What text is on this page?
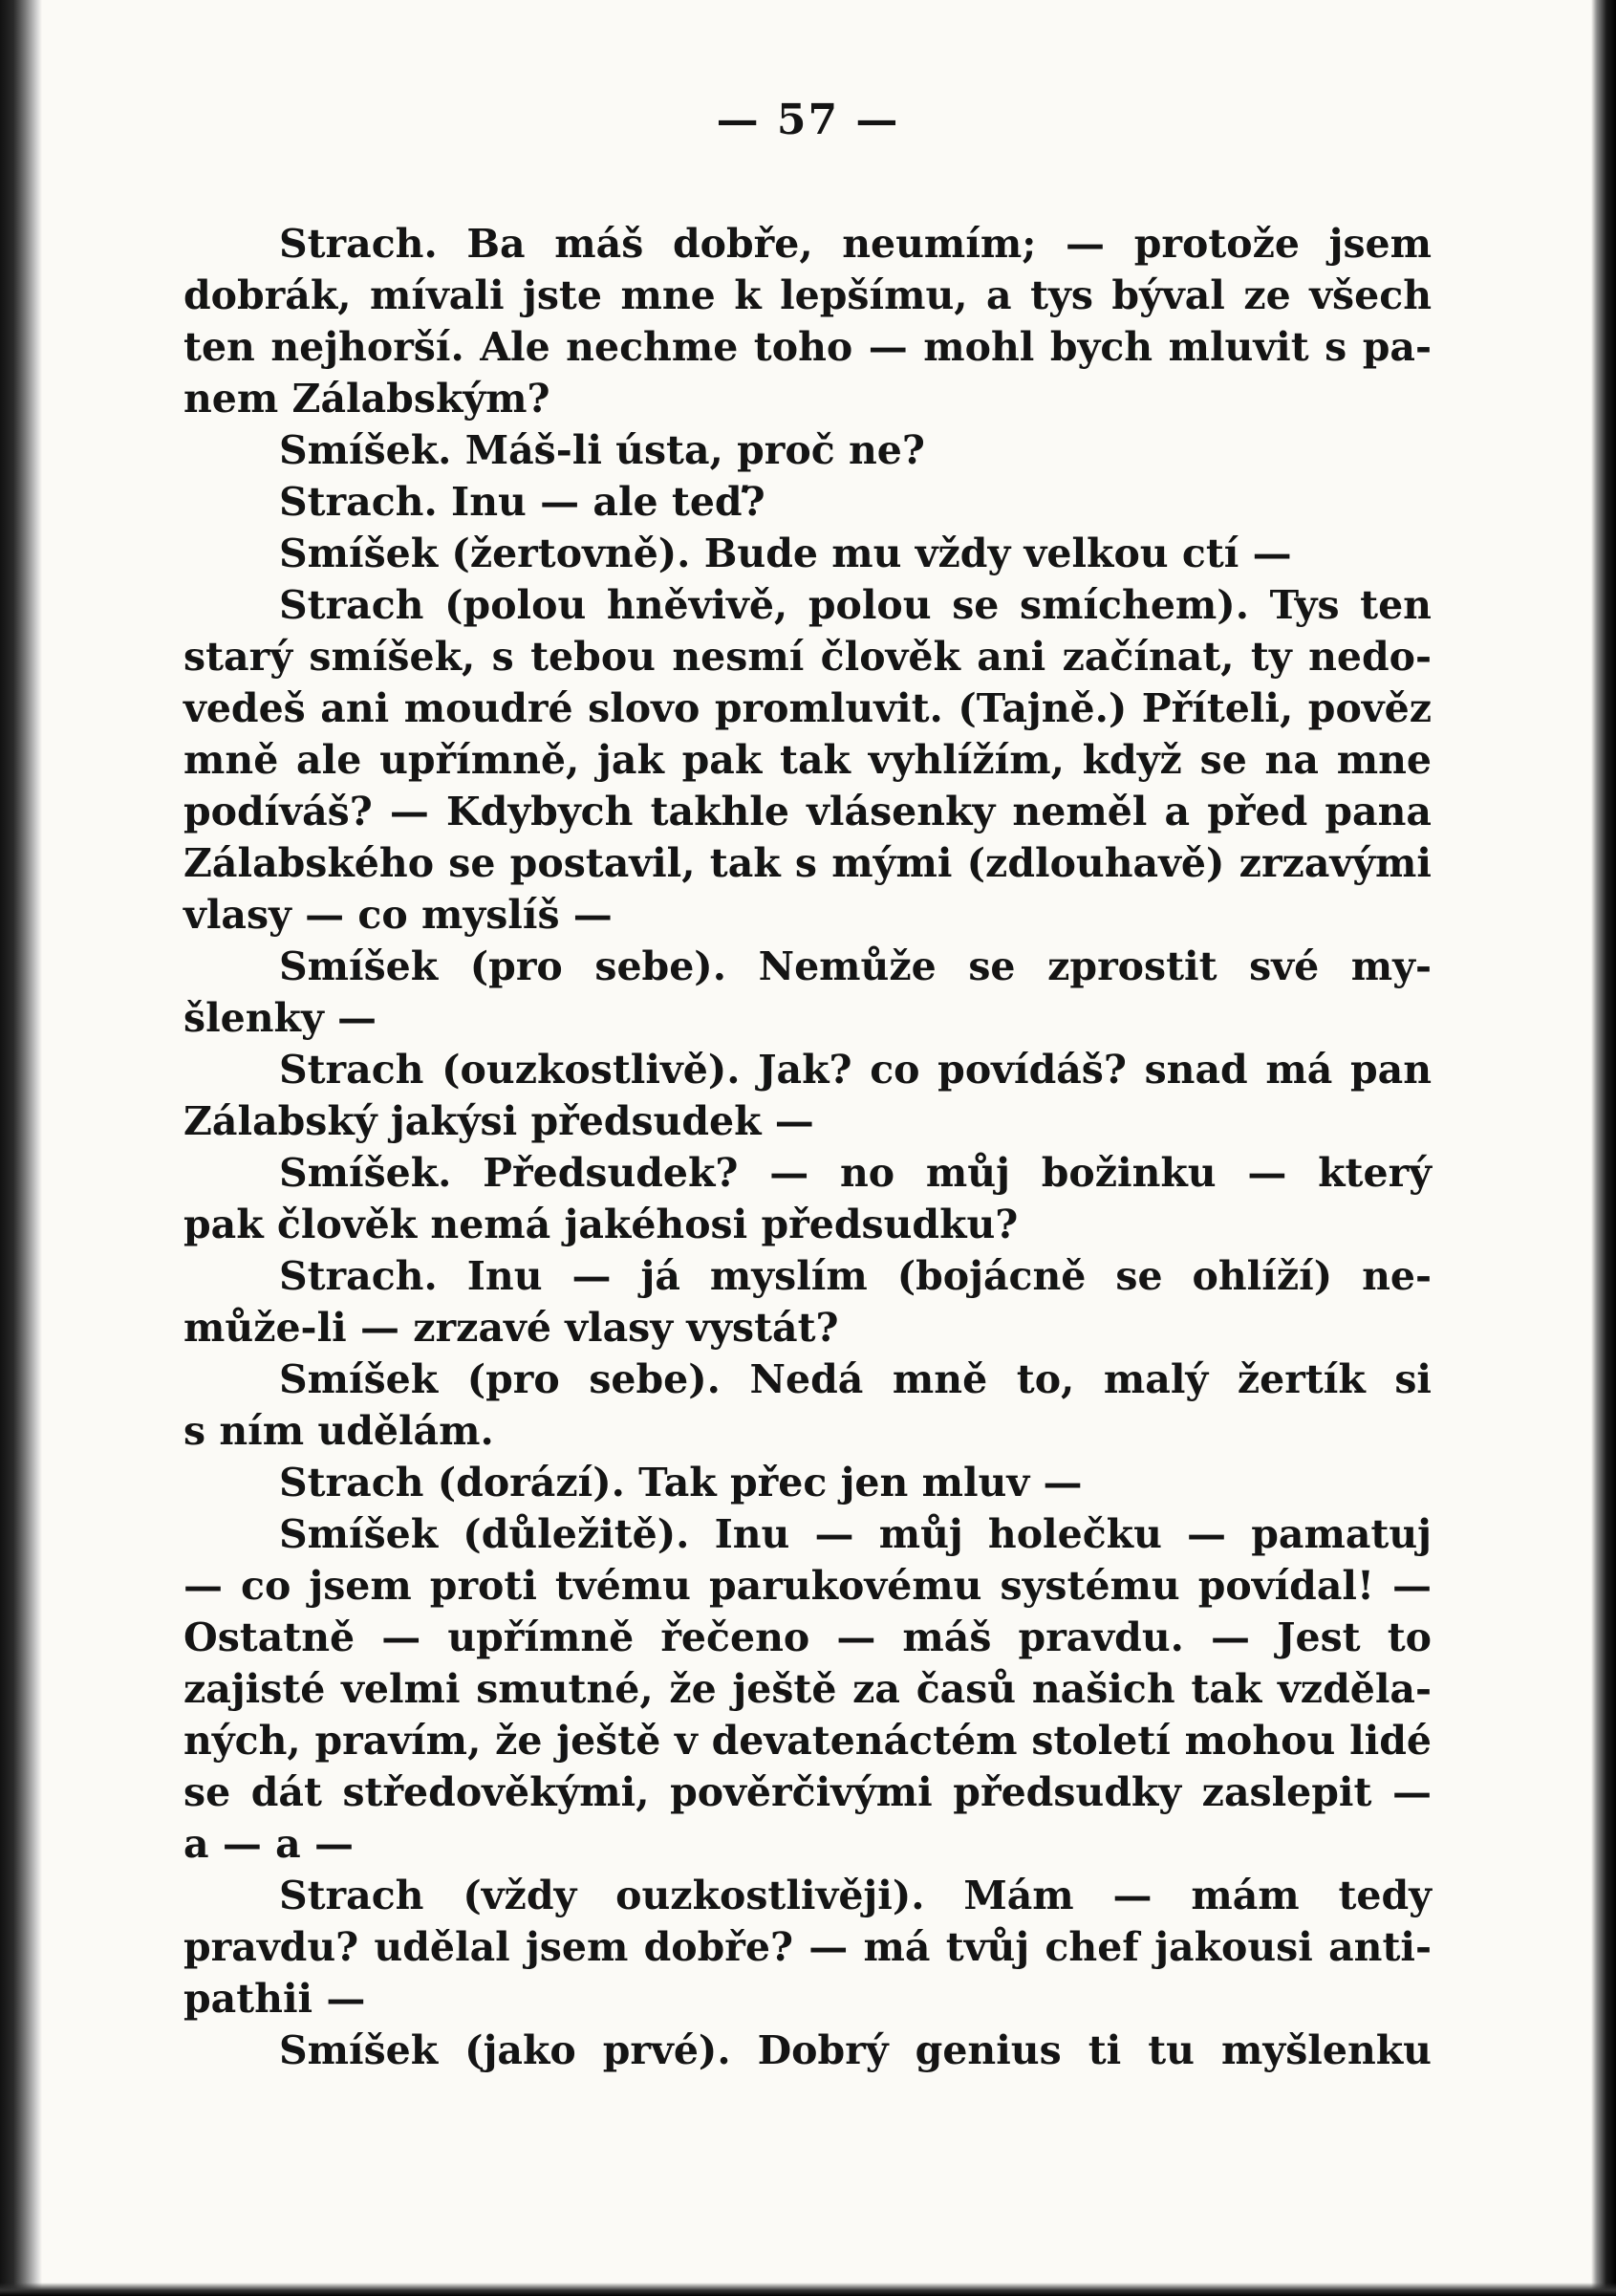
— 57 —
Strach. Ba máš dobře, neumím; — protože jsem
dobrák, mívali jste mne k lepšímu, a tys býval ze všech
ten nejhorší. Ale nechme toho — mohl bych mluvit s pa-
nem Zálabským?
Smíšek. Máš-li ústa, proč ne?
Strach. Inu — ale teď?
Smíšek (žertovně). Bude mu vždy velkou ctí —
Strach (polou hněvivě, polou se smíchem). Tys ten
starý smíšek, s tebou nesmí člověk ani začínat, ty nedo-
vedeš ani moudré slovo promluvit. (Tajně.) Příteli, pověz
mně ale upřímně, jak pak tak vyhlížím, když se na mne
podíváš? — Kdybych takhle vlásenky neměl a před pana
Zálabského se postavil, tak s mými (zdlouhavě) zrzavými
vlasy — co myslíš —
Smíšek (pro sebe). Nemůže se zprostit své my-
šlenky —
Strach (ouzkostlivě). Jak? co povídáš? snad má pan
Zálabský jakýsi předsudek —
Smíšek. Předsudek? — no můj božinku — který
pak člověk nemá jakéhosi předsudku?
Strach. Inu — já myslím (bojácně se ohlíží) ne-
může-li — zrzavé vlasy vystát?
Smíšek (pro sebe). Nedá mně to, malý žertík si
s ním udělám.
Strach (dorází). Tak přec jen mluv —
Smíšek (důležitě). Inu — můj holečku — pamatuj
— co jsem proti tvému parukovému systému povídal! —
Ostatně — upřímně řečeno — máš pravdu. — Jest to
zajisté velmi smutné, že ještě za časů našich tak vzděla-
ných, pravím, že ještě v devatenáctém století mohou lidé
se dát středověkými, pověrčivými předsudky zaslepit —
a — a —
Strach (vždy ouzkostlivěji). Mám — mám tedy
pravdu? udělal jsem dobře? — má tvůj chef jakousi anti-
pathii —
Smíšek (jako prvé). Dobrý genius ti tu myšlenku
